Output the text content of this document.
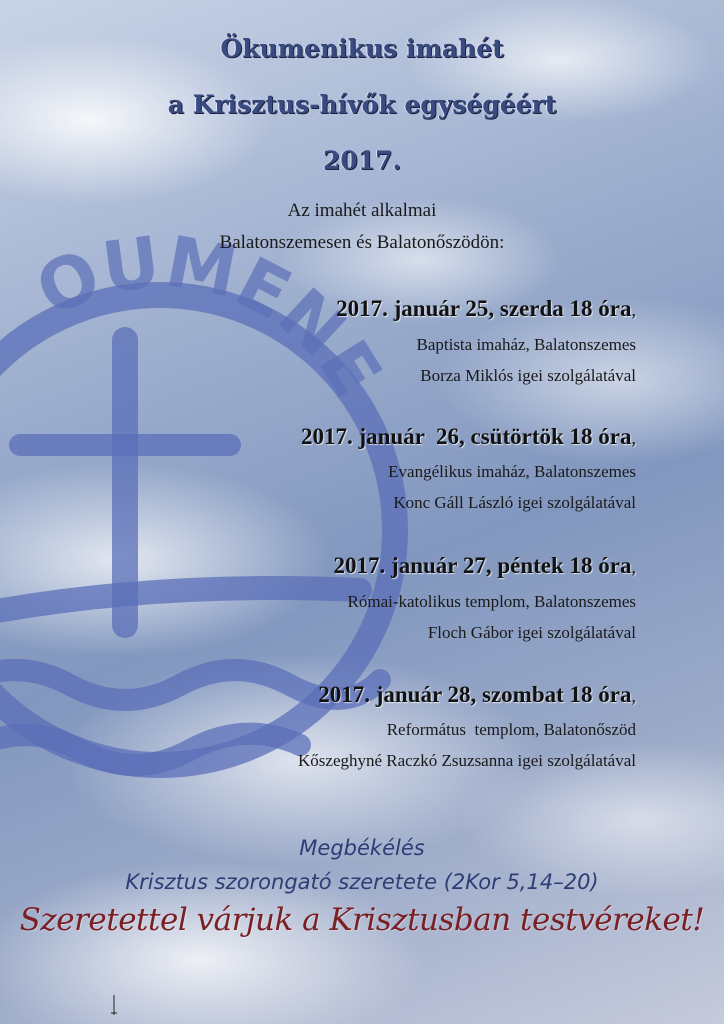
OUMENE
Ökumenikus imahét
a Krisztus-hívők egységéért
2017.
Az imahét alkalmai
Balatonszemesen és Balatonőszödön:
2017. január 25, szerda 18 óra,
Baptista imaház, Balatonszemes
Borza Miklós igei szolgálatával
2017. január  26, csütörtök 18 óra,
Evangélikus imaház, Balatonszemes
Konc Gáll László igei szolgálatával
2017. január 27, péntek 18 óra,
Római-katolikus templom, Balatonszemes
Floch Gábor igei szolgálatával
2017. január 28, szombat 18 óra,
Református  templom, Balatonőszöd
Kőszeghyné Raczkó Zsuzsanna igei szolgálatával
Megbékélés
Krisztus szorongató szeretete (2Kor 5,14–20)
Szeretettel várjuk a Krisztusban testvéreket!
